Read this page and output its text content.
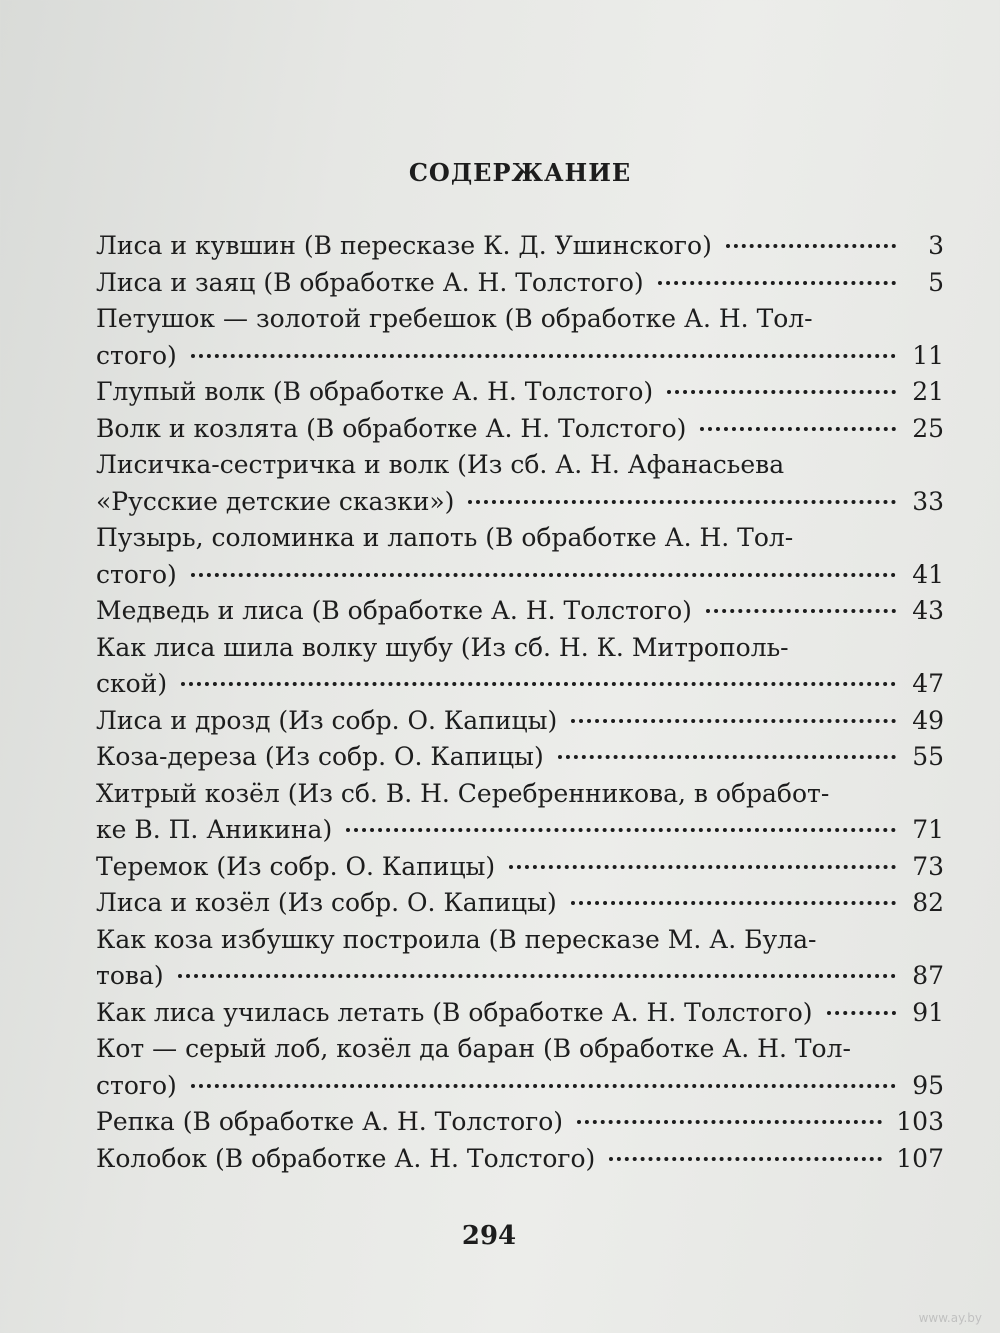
СОДЕРЖАНИЕ
Лиса и кувшин (В пересказе К. Д. Ушинского)	3
Лиса и заяц (В обработке А. Н. Толстого)	5
Петушок — золотой гребешок (В обработке А. Н. Тол-
стого)	11
Глупый волк (В обработке А. Н. Толстого)	21
Волк и козлята (В обработке А. Н. Толстого)	25
Лисичка-сестричка и волк (Из сб. А. Н. Афанасьева
«Русские детские сказки»)	33
Пузырь, соломинка и лапоть (В обработке А. Н. Тол-
стого)	41
Медведь и лиса (В обработке А. Н. Толстого)	43
Как лиса шила волку шубу (Из сб. Н. К. Митрополь-
ской)	47
Лиса и дрозд (Из собр. О. Капицы)	49
Коза-дереза (Из собр. О. Капицы)	55
Хитрый козёл (Из сб. В. Н. Серебренникова, в обработ-
ке В. П. Аникина)	71
Теремок (Из собр. О. Капицы)	73
Лиса и козёл (Из собр. О. Капицы)	82
Как коза избушку построила (В пересказе М. А. Була-
това)	87
Как лиса училась летать (В обработке А. Н. Толстого)	91
Кот — серый лоб, козёл да баран (В обработке А. Н. Тол-
стого)	95
Репка (В обработке А. Н. Толстого)	103
Колобок (В обработке А. Н. Толстого)	107
294
www.ay.by
